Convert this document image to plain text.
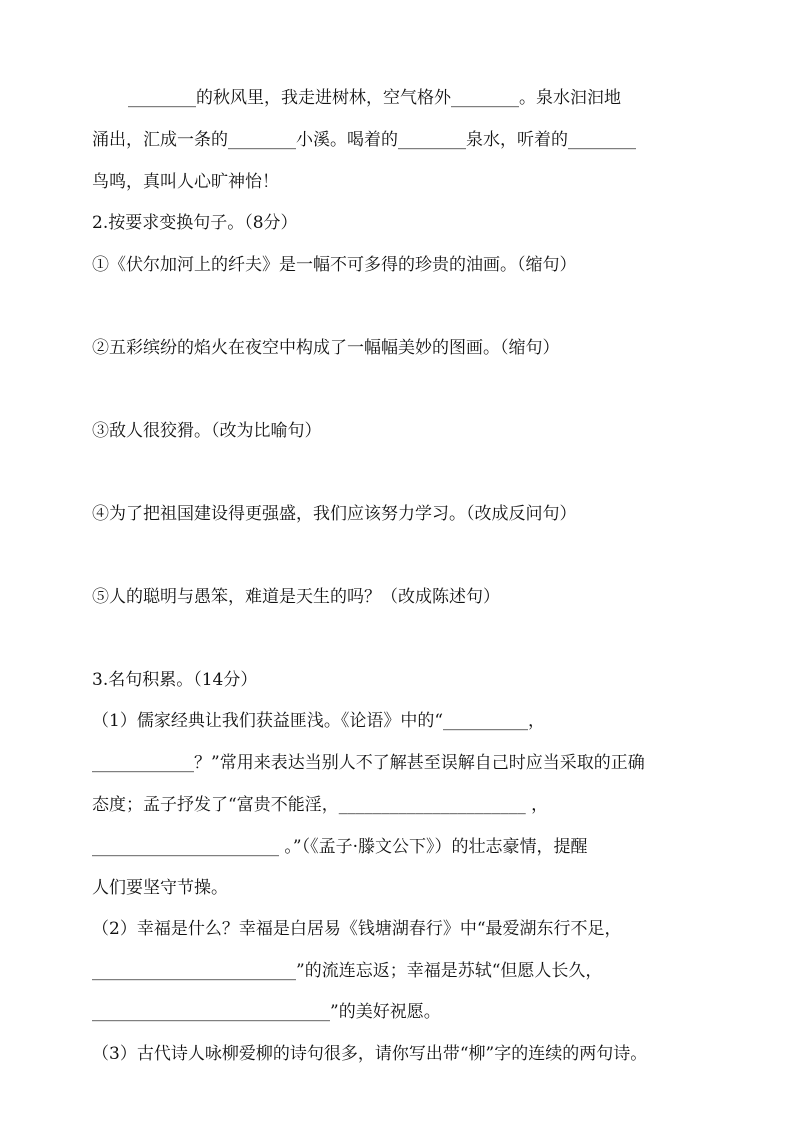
________的秋风里，我走进树林，空气格外________。泉水汩汩地
涌出，汇成一条的________小溪。喝着的________泉水，听着的________
鸟鸣，真叫人心旷神怡！
2.按要求变换句子。（8分）
①《伏尔加河上的纤夫》是一幅不可多得的珍贵的油画。（缩句）
②五彩缤纷的焰火在夜空中构成了一幅幅美妙的图画。（缩句）
③敌人很狡猾。（改为比喻句）
④为了把祖国建设得更强盛，我们应该努力学习。（改成反问句）
⑤人的聪明与愚笨，难道是天生的吗？（改成陈述句）
3.名句积累。（14分）
（1）儒家经典让我们获益匪浅。《论语》中的“__________，
____________？”常用来表达当别人不了解甚至误解自己时应当采取的正确
态度；孟子抒发了“富贵不能淫，______________________ ，
______________________ 。”（《孟子·滕文公下》）的壮志豪情，提醒
人们要坚守节操。
（2）幸福是什么？幸福是白居易《钱塘湖春行》中“最爱湖东行不足，
________________________”的流连忘返；幸福是苏轼“但愿人长久，
____________________________”的美好祝愿。
（3）古代诗人咏柳爱柳的诗句很多，请你写出带“柳”字的连续的两句诗。
